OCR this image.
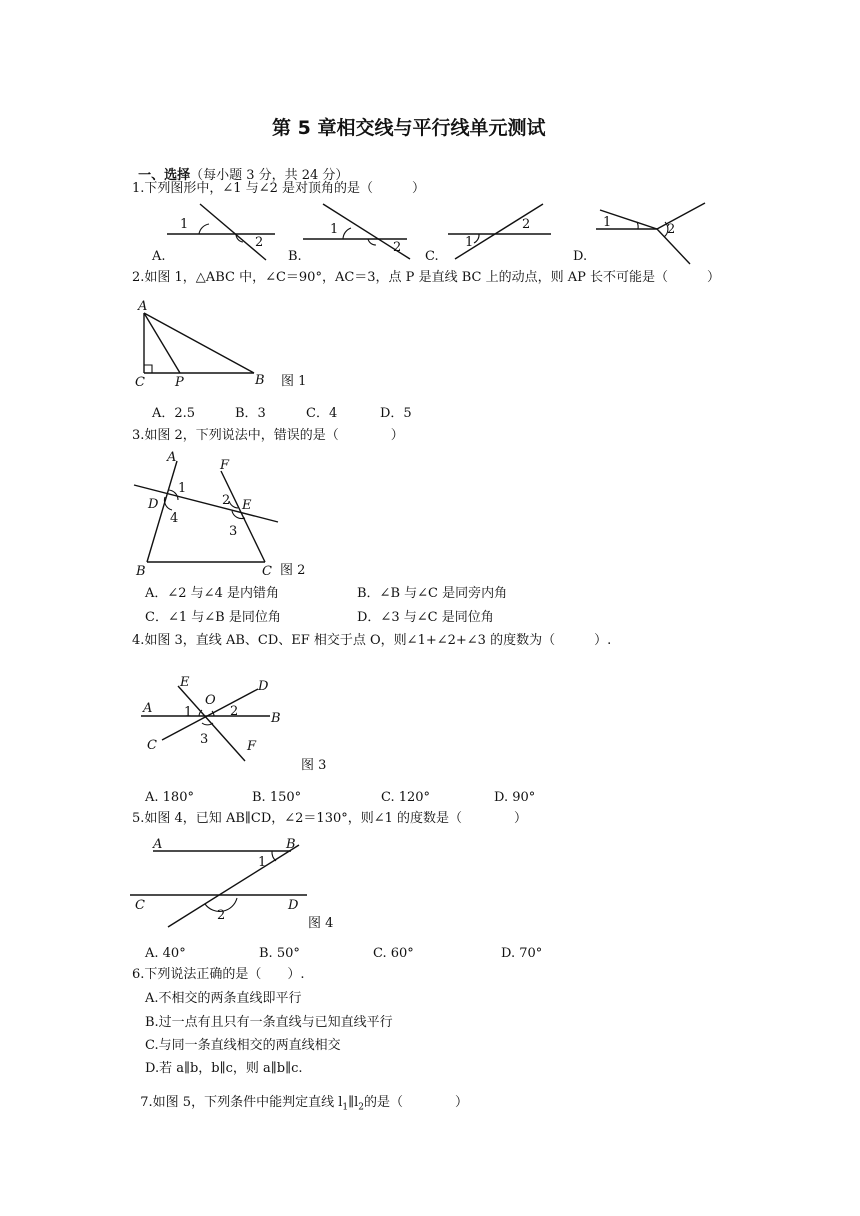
第 5 章相交线与平行线单元测试

一、选择（每小题 3 分，共 24 分）

1.下列图形中，∠1 与∠2 是对顶角的是（　　　）
1
2
A.
1
2
B.
1
2
C.
1	2
D.
2.如图 1，△ABC 中，∠C＝90°，AC＝3，点 P 是直线 BC 上的动点，则 AP 长不可能是（　　　）
A
C P	B 图 1
A．2.5	B．3	C．4	D．5
3.如图 2，下列说法中，错误的是（　　　　）
A
F
D	E
B	C
1
2
3
4
图 2
A．∠2 与∠4 是内错角	B．∠B 与∠C 是同旁内角
C．∠1 与∠B 是同位角	D．∠3 与∠C 是同位角
4.如图 3，直线 AB、CD、EF 相交于点 O，则∠1+∠2+∠3 的度数为（　　　）.
E	D
O
A
B
C	F
1	2
3
图 3
A. 180°	B. 150°	C. 120°	D. 90°
5.如图 4，已知 AB∥CD，∠2＝130°，则∠1 的度数是（　　　　）
A	B
C	D
1
2
图 4
A. 40°	B. 50°	C. 60°	D. 70°
6.下列说法正确的是（　　）.
A.不相交的两条直线即平行
B.过一点有且只有一条直线与已知直线平行
C.与同一条直线相交的两直线相交
D.若 a∥b，b∥c，则 a∥b∥c.

7.如图 5，下列条件中能判定直线 $l_1\parallel l_2$的是（　　　　）
